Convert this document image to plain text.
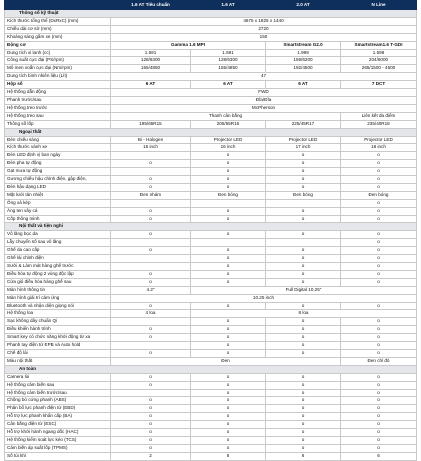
	1.6 AT Tiêu chuẩn	1.6 AT	2.0 AT	N Line
Thông số kỹ thuật				
Kích thước tổng thể (DxRxC) (mm)	4675 x 1825 x 1440			
Chiều dài cơ sở (mm)	2720			
Khoảng sáng gầm xe (mm)	150			
Động cơ	Gamma 1.6 MPI		Smartstream G2.0	Smartstream1.6 T-GDI
Dung tích xi lanh (cc)	1.591	1.591	1.999	1.598
Công suất cực đại (PS/rpm)	128/6300	128/6300	159/6200	204/6000
Mô men xoắn cực đại (Nm/rpm)	155/4850	155/4850	192/4500	265/1500 - 4500
Dung tích bình nhiên liệu (Lít)	47			
Hộp số	6 AT	6 AT	6 AT	7 DCT
Hệ thống dẫn động	FWD			
Phanh trước/sau	Đĩa/Đĩa			
Hệ thống treo trước	McPherson			
Hệ thống treo sau	Thanh cân bằng			Liên kết đa điểm
Thông số lốp	195/65R15	205/55R16	225/45R17	235/40R18
Ngoại thất				
Đèn chiếu sáng	Bi - Halogen	Projector LED	Projector LED	Projector LED
Kích thước vành xe	15 inch	16 inch	17 inch	18 inch
Đèn LED định vị ban ngày		o	o	o
Đèn pha tự động	o	o	o	o
Gạt mưa tự động		o	o	o
Gương chiếu hậu chỉnh điện, gập điện,	o	o	o	o
Đèn hậu dạng LED	o	o	o	o
Mặt lưới tản nhiệt	Đen nhám	Đen bóng	Đen bóng	Đen bóng
Ống xả kép				o
Ăng ten vây cá	o	o	o	o
Cốp thông minh	o	o	o	o
Nội thất và tiện nghi				
Vô lăng bọc da	o	o	o	o
Lẫy chuyển số sau vô lăng				o
Ghế da cao cấp	o	o	o	o
Ghế lái chỉnh điện		o	o	o
Sưởi & Làm mát hàng ghế trước		o	o	o
Điều hòa tự động 2 vùng độc lập	o	o	o	o
Cửa gió điều hòa hàng ghế sau	o	o	o	o
Màn hình thông tin	4.2"	Full Digital 10.25"		
Màn hình giải trí cảm ứng	10.25 inch			
Bluetooth và nhận diện giọng nói	o	o	o	o
Hệ thống loa	4 loa	8 loa		
Sạc không dây chuẩn Qi		o	o	o
Điều khiển hành trình	o	o	o	o
Smart key có chức năng khởi động từ xa	o	o	o	o
Phanh tay điện tử EPB và Auto hold		o	o	o
Chế độ lái	o	o	o	o
Màu nội thất	Đen			Đen chỉ đỏ
An toàn				
Camera lùi	o	o	o	o
Hệ thống cảm biến sau	o	o	o	o
Hệ thống cảm biến trước/sau		o	o	o
Chống bó cứng phanh (ABS)	o	o	o	o
Phân bổ lực phanh điện tử (EBD)	o	o	o	o
Hỗ trợ lực phanh khẩn cấp (BA)	o	o	o	o
Cân bằng điện tử (ESC)	o	o	o	o
Hỗ trợ khởi hành ngang dốc (HAC)	o	o	o	o
Hệ thống kiểm soát lực kéo (TCS)	o	o	o	o
Cảm biến áp suất lốp (TPMS)	o	o	o	o
Số túi khí	2	6	6	6
